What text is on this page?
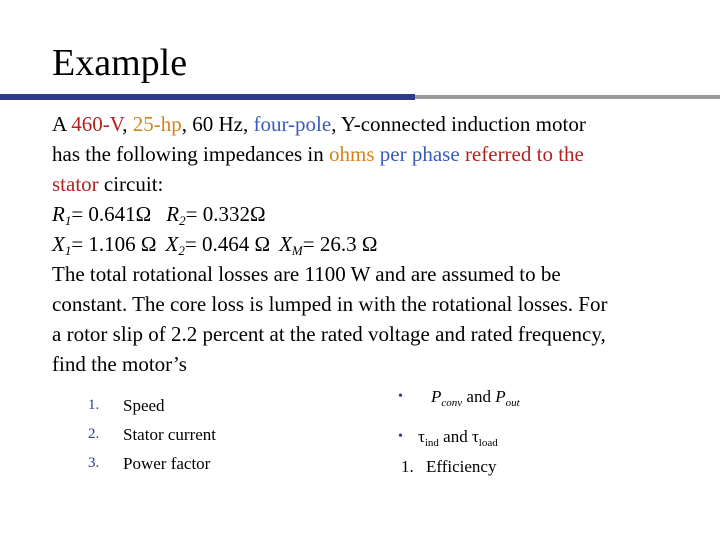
Example
A 460-V, 25-hp, 60 Hz, four-pole, Y-connected induction motor
has the following impedances in ohms per phase referred to the
stator circuit:
$R_1= 0.641\Omega$ $R_2= 0.332\Omega$
$X_1= 1.106$ Ω $X_2= 0.464$ Ω $X_M= 26.3$ Ω
The total rotational losses are 1100 W and are assumed to be
constant. The core loss is lumped in with the rotational losses. For
a rotor slip of 2.2 percent at the rated voltage and rated frequency,
find the motor’s
1.	Speed
2.	Stator current
3.	Power factor
• $P_{conv}$ and $P_{out}$
• $\tau_{ind}$ and $\tau_{load}$
1. Efficiency
